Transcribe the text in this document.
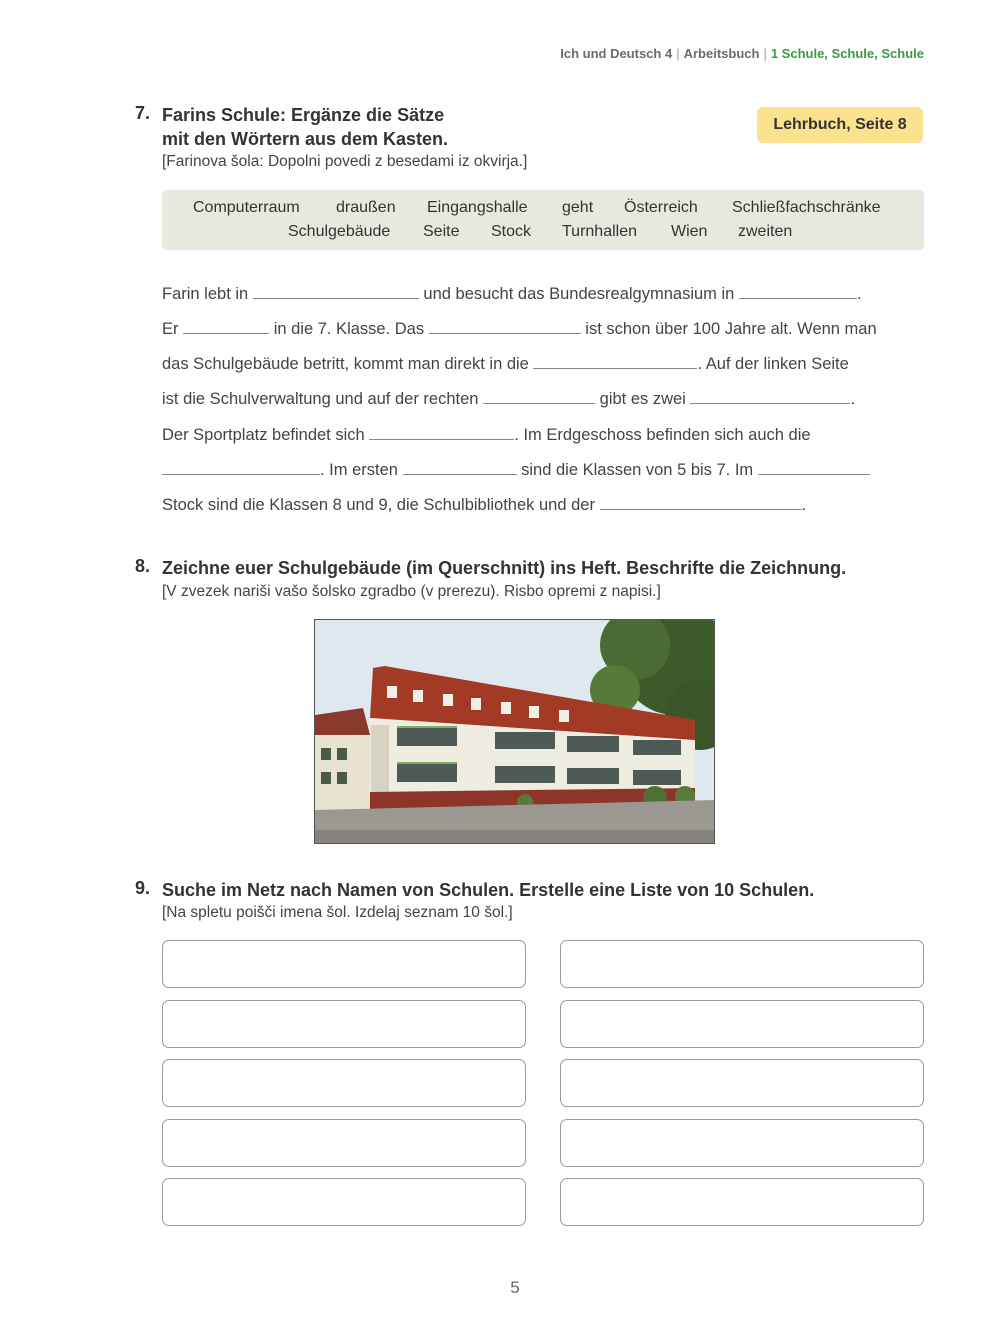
Ich und Deutsch 4 | Arbeitsbuch | 1 Schule, Schule, Schule
7. Farins Schule: Ergänze die Sätze
mit den Wörtern aus dem Kasten.
[Farinova šola: Dopolni povedi z besedami iz okvirja.]
Lehrbuch, Seite 8
Computerraum draußen Eingangshalle geht Österreich Schließfachschränke
Schulgebäude Seite Stock Turnhallen Wien zweiten
Farin lebt in	und besucht das Bundesrealgymnasium in	.
Er	in die 7. Klasse. Das	ist schon über 100 Jahre alt. Wenn man
das Schulgebäude betritt, kommt man direkt in die	. Auf der linken Seite
ist die Schulverwaltung und auf der rechten	gibt es zwei	.
Der Sportplatz befindet sich	. Im Erdgeschoss befinden sich auch die
. Im ersten	sind die Klassen von 5 bis 7. Im
Stock sind die Klassen 8 und 9, die Schulbibliothek und der	.
8. Zeichne euer Schulgebäude (im Querschnitt) ins Heft. Beschrifte die Zeichnung.
[V zvezek nariši vašo šolsko zgradbo (v prerezu). Risbo opremi z napisi.]
9. Suche im Netz nach Namen von Schulen. Erstelle eine Liste von 10 Schulen.
[Na spletu poišči imena šol. Izdelaj seznam 10 šol.]
5
